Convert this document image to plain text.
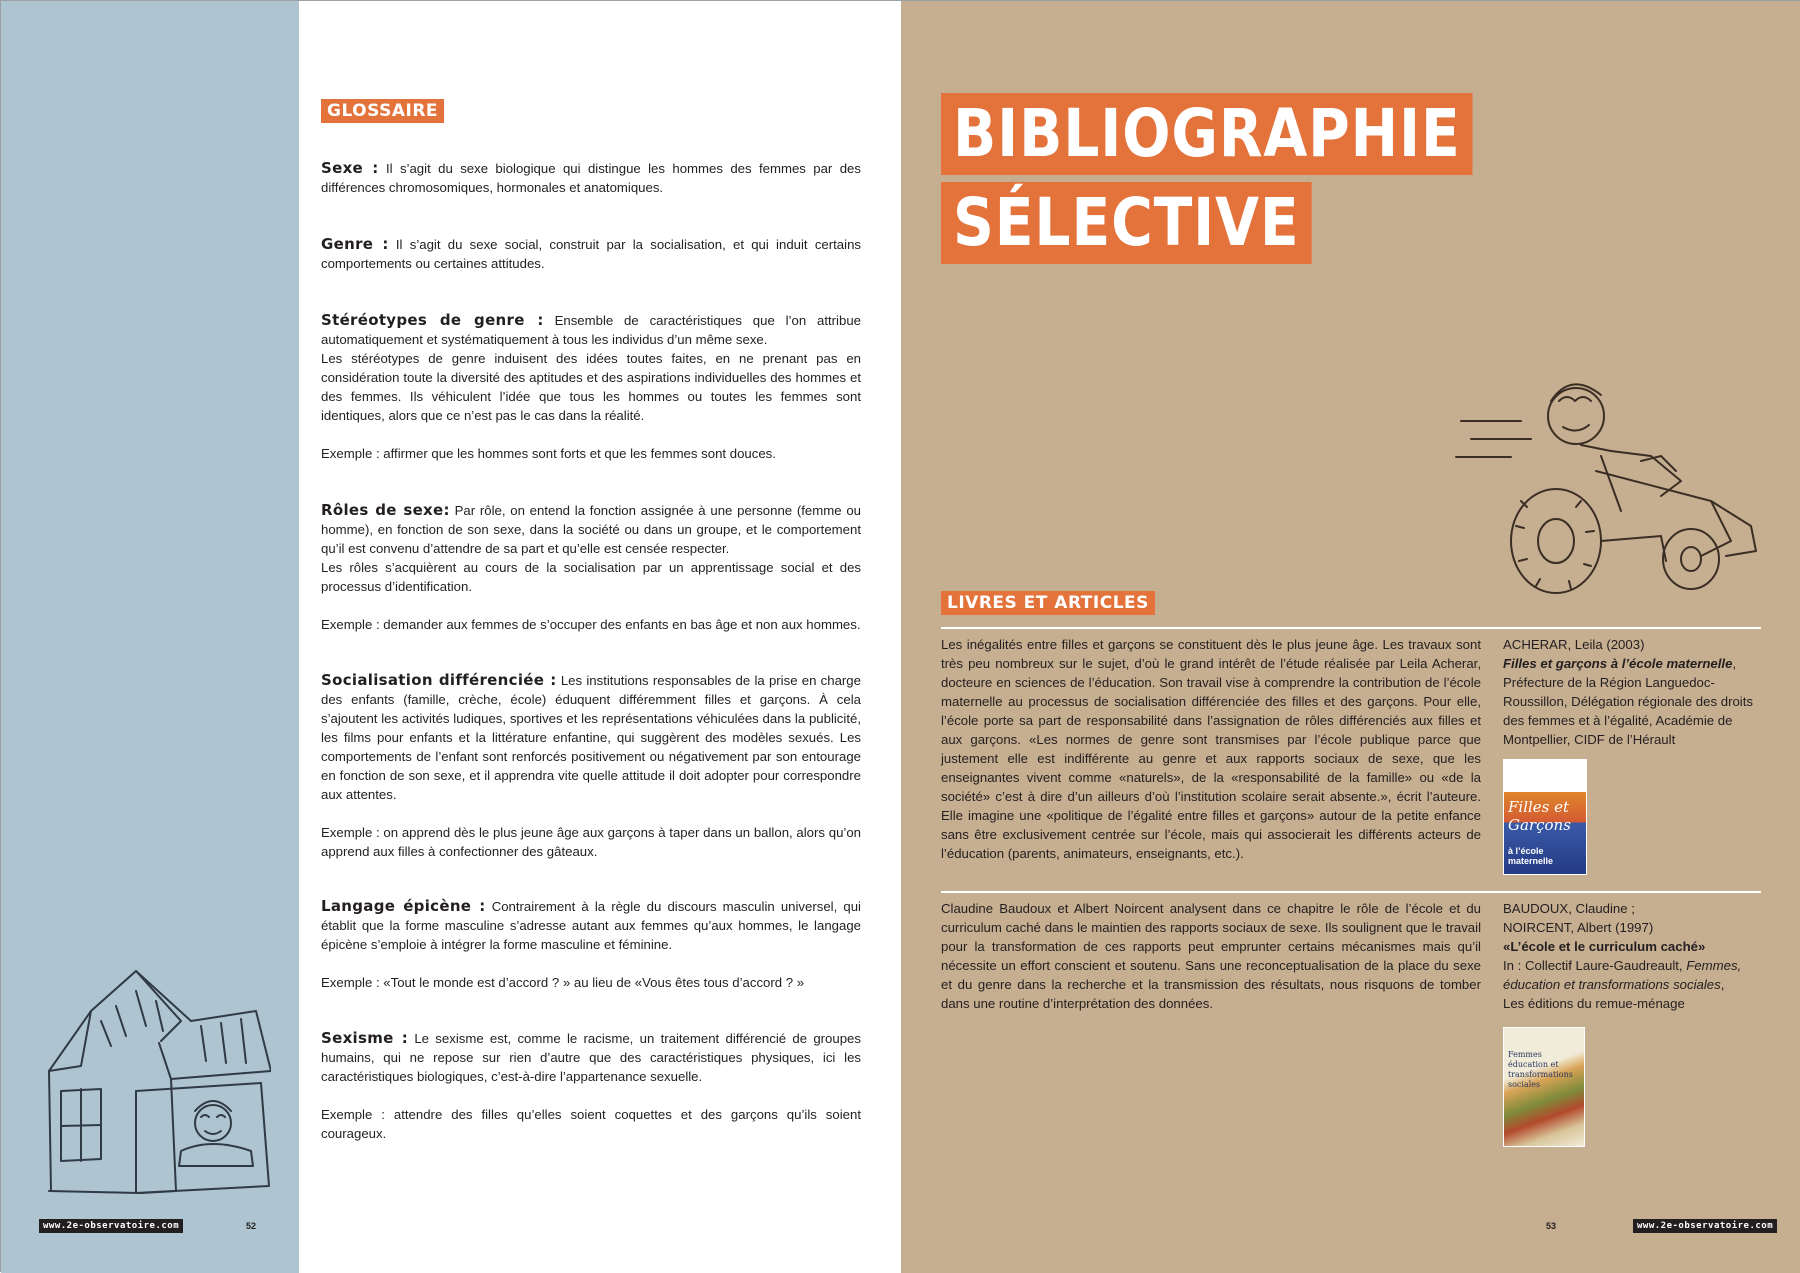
GLOSSAIRE

Sexe : Il s’agit du sexe biologique qui distingue les hommes des femmes par des différences chromosomiques, hormonales et anatomiques.

Genre : Il s’agit du sexe social, construit par la socialisation, et qui induit certains comportements ou certaines attitudes.

Stéréotypes de genre : Ensemble de caractéristiques que l’on attribue automatiquement et systématiquement à tous les individus d’un même sexe.

Les stéréotypes de genre induisent des idées toutes faites, en ne prenant pas en considération toute la diversité des aptitudes et des aspirations individuelles des hommes et des femmes. Ils véhiculent l’idée que tous les hommes ou toutes les femmes sont identiques, alors que ce n’est pas le cas dans la réalité.

Exemple : affirmer que les hommes sont forts et que les femmes sont douces.

Rôles de sexe: Par rôle, on entend la fonction assignée à une personne (femme ou homme), en fonction de son sexe, dans la société ou dans un groupe, et le comportement qu’il est convenu d’attendre de sa part et qu’elle est censée respecter.

Les rôles s’acquièrent au cours de la socialisation par un apprentissage social et des processus d’identification.

Exemple : demander aux femmes de s’occuper des enfants en bas âge et non aux hommes.

Socialisation différenciée : Les institutions responsables de la prise en charge des enfants (famille, crèche, école) éduquent différemment filles et garçons. À cela s’ajoutent les activités ludiques, sportives et les représentations véhiculées dans la publicité, les films pour enfants et la littérature enfantine, qui suggèrent des modèles sexués. Les comportements de l’enfant sont renforcés positivement ou négativement par son entourage en fonction de son sexe, et il apprendra vite quelle attitude il doit adopter pour correspondre aux attentes.

Exemple : on apprend dès le plus jeune âge aux garçons à taper dans un ballon, alors qu’on apprend aux filles à confectionner des gâteaux.

Langage épicène : Contrairement à la règle du discours masculin universel, qui établit que la forme masculine s’adresse autant aux femmes qu’aux hommes, le langage épicène s’emploie à intégrer la forme masculine et féminine.

Exemple : «Tout le monde est d’accord ? » au lieu de «Vous êtes tous d’accord ? »

Sexisme : Le sexisme est, comme le racisme, un traitement différencié de groupes humains, qui ne repose sur rien d’autre que des caractéristiques physiques, ici les caractéristiques biologiques, c’est-à-dire l’appartenance sexuelle.

Exemple : attendre des filles qu’elles soient coquettes et des garçons qu’ils soient courageux.

www.2e-observatoire.com	52
BIBLIOGRAPHIE
SÉLECTIVE
LIVRES ET ARTICLES
Les inégalités entre filles et garçons se constituent dès le plus jeune âge. Les travaux sont très peu nombreux sur le sujet, d’où le grand intérêt de l’étude réalisée par Leila Acherar, docteure en sciences de l’éducation. Son travail vise à comprendre la contribution de l’école maternelle au processus de socialisation différenciée des filles et des garçons. Pour elle, l’école porte sa part de responsabilité dans l’assignation de rôles différenciés aux filles et aux garçons. «Les normes de genre sont transmises par l’école publique parce que justement elle est indifférente au genre et aux rapports sociaux de sexe, que les enseignantes vivent comme «naturels», de la «responsabilité de la famille» ou «de la société» c’est à dire d’un ailleurs d’où l’institution scolaire serait absente.», écrit l’auteure. Elle imagine une «politique de l’égalité entre filles et garçons» autour de la petite enfance sans être exclusivement centrée sur l’école, mais qui associerait les différents acteurs de l’éducation (parents, animateurs, enseignants, etc.).
ACHERAR, Leila (2003)
Filles et garçons à l’école maternelle,
Préfecture de la Région Languedoc-Roussillon, Délégation régionale des droits des femmes et à l’égalité, Académie de Montpellier, CIDF de l’Hérault
Filles et Garçons
à l’école maternelle
Claudine Baudoux et Albert Noircent analysent dans ce chapitre le rôle de l’école et du curriculum caché dans le maintien des rapports sociaux de sexe. Ils soulignent que le travail pour la transformation de ces rapports peut emprunter certains mécanismes mais qu’il nécessite un effort conscient et soutenu. Sans une reconceptualisation de la place du sexe et du genre dans la recherche et la transmission des résultats, nous risquons de tomber dans une routine d’interprétation des données.
BAUDOUX, Claudine ;
NOIRCENT, Albert (1997)
«L’école et le curriculum caché»
In : Collectif Laure-Gaudreault, Femmes, éducation et transformations sociales,
Les éditions du remue-ménage
Femmes éducation et transformations sociales
53	www.2e-observatoire.com
